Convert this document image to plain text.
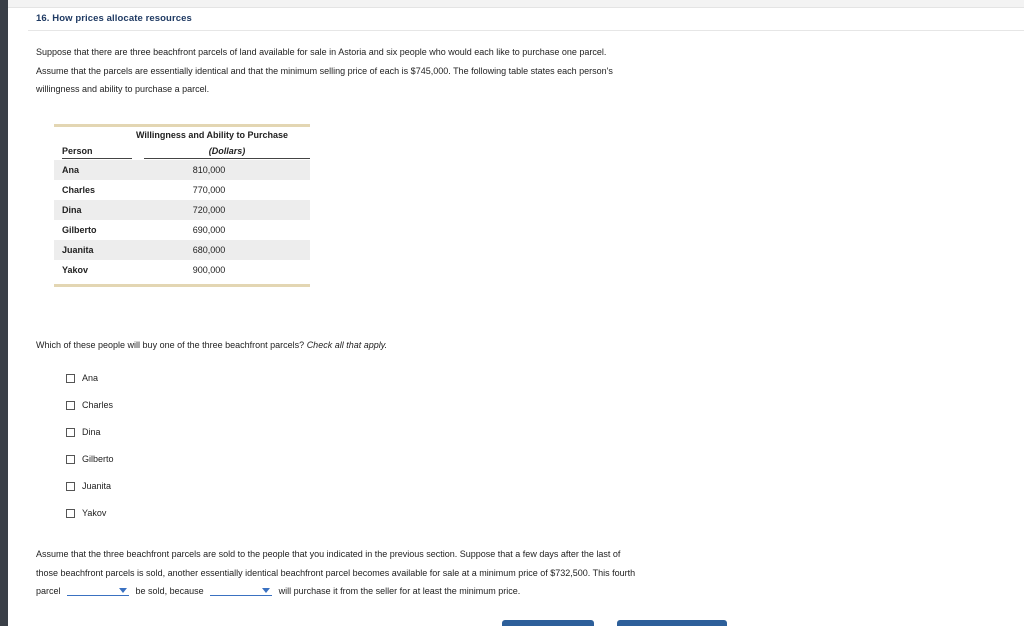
16. How prices allocate resources
Suppose that there are three beachfront parcels of land available for sale in Astoria and six people who would each like to purchase one parcel.
Assume that the parcels are essentially identical and that the minimum selling price of each is $745,000. The following table states each person's
willingness and ability to purchase a parcel.
Willingness and Ability to Purchase
Person	(Dollars)
Ana	810,000
Charles	770,000
Dina	720,000
Gilberto	690,000
Juanita	680,000
Yakov	900,000
Which of these people will buy one of the three beachfront parcels? Check all that apply.
Ana
Charles
Dina
Gilberto
Juanita
Yakov
Assume that the three beachfront parcels are sold to the people that you indicated in the previous section. Suppose that a few days after the last of
those beachfront parcels is sold, another essentially identical beachfront parcel becomes available for sale at a minimum price of $732,500. This fourth
parcel	be sold, because	will purchase it from the seller for at least the minimum price.
